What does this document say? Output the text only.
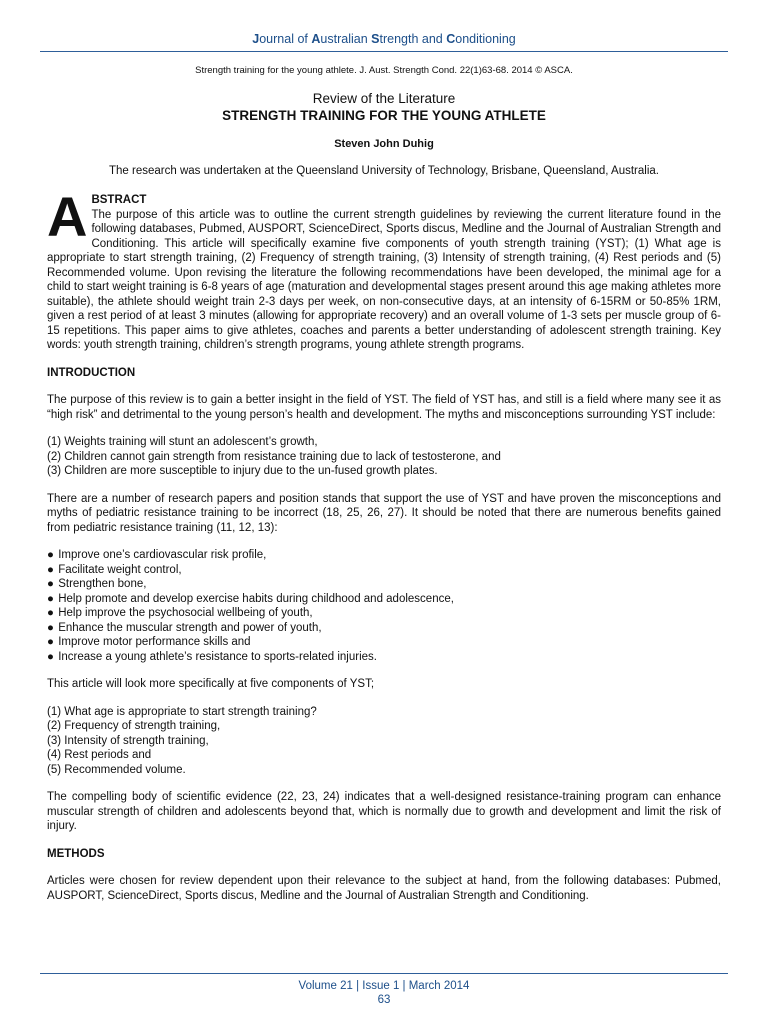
Journal of Australian Strength and Conditioning
Strength training for the young athlete. J. Aust. Strength Cond. 22(1)63-68. 2014 © ASCA.
Review of the Literature
STRENGTH TRAINING FOR THE YOUNG ATHLETE
Steven John Duhig
The research was undertaken at the Queensland University of Technology, Brisbane, Queensland, Australia.
A BSTRACT

The purpose of this article was to outline the current strength guidelines by reviewing the current literature found in the following databases, Pubmed, AUSPORT, ScienceDirect, Sports discus, Medline and the Journal of Australian Strength and Conditioning. This article will specifically examine five components of youth strength training (YST); (1) What age is appropriate to start strength training, (2) Frequency of strength training, (3) Intensity of strength training, (4) Rest periods and (5) Recommended volume. Upon revising the literature the following recommendations have been developed, the minimal age for a child to start weight training is 6-8 years of age (maturation and developmental stages present around this age making athletes more suitable), the athlete should weight train 2-3 days per week, on non-consecutive days, at an intensity of 6-15RM or 50-85% 1RM, given a rest period of at least 3 minutes (allowing for appropriate recovery) and an overall volume of 1-3 sets per muscle group of 6-15 repetitions. This paper aims to give athletes, coaches and parents a better understanding of adolescent strength training. Key words: youth strength training, children’s strength programs, young athlete strength programs.

INTRODUCTION

The purpose of this review is to gain a better insight in the field of YST. The field of YST has, and still is a field where many see it as “high risk” and detrimental to the young person’s health and development. The myths and misconceptions surrounding YST include:

(1) Weights training will stunt an adolescent’s growth,
(2) Children cannot gain strength from resistance training due to lack of testosterone, and
(3) Children are more susceptible to injury due to the un-fused growth plates.

There are a number of research papers and position stands that support the use of YST and have proven the misconceptions and myths of pediatric resistance training to be incorrect (18, 25, 26, 27). It should be noted that there are numerous benefits gained from pediatric resistance training (11, 12, 13):

● Improve one’s cardiovascular risk profile,
● Facilitate weight control,
● Strengthen bone,
● Help promote and develop exercise habits during childhood and adolescence,
● Help improve the psychosocial wellbeing of youth,
● Enhance the muscular strength and power of youth,
● Improve motor performance skills and
● Increase a young athlete’s resistance to sports-related injuries.

This article will look more specifically at five components of YST;

(1) What age is appropriate to start strength training?
(2) Frequency of strength training,
(3) Intensity of strength training,
(4) Rest periods and
(5) Recommended volume.

The compelling body of scientific evidence (22, 23, 24) indicates that a well-designed resistance-training program can enhance muscular strength of children and adolescents beyond that, which is normally due to growth and development and limit the risk of injury.

METHODS

Articles were chosen for review dependent upon their relevance to the subject at hand, from the following databases: Pubmed, AUSPORT, ScienceDirect, Sports discus, Medline and the Journal of Australian Strength and Conditioning.

Volume 21 | Issue 1 | March 2014
63
